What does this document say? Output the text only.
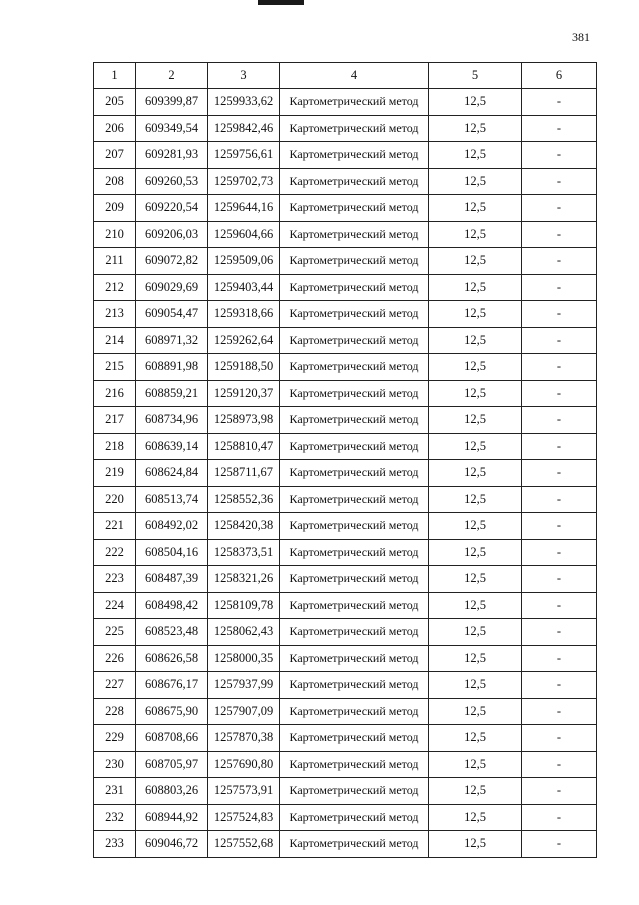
381
1	2	3	4	5	6
205	609399,87	1259933,62	Картометрический метод	12,5	-
206	609349,54	1259842,46	Картометрический метод	12,5	-
207	609281,93	1259756,61	Картометрический метод	12,5	-
208	609260,53	1259702,73	Картометрический метод	12,5	-
209	609220,54	1259644,16	Картометрический метод	12,5	-
210	609206,03	1259604,66	Картометрический метод	12,5	-
211	609072,82	1259509,06	Картометрический метод	12,5	-
212	609029,69	1259403,44	Картометрический метод	12,5	-
213	609054,47	1259318,66	Картометрический метод	12,5	-
214	608971,32	1259262,64	Картометрический метод	12,5	-
215	608891,98	1259188,50	Картометрический метод	12,5	-
216	608859,21	1259120,37	Картометрический метод	12,5	-
217	608734,96	1258973,98	Картометрический метод	12,5	-
218	608639,14	1258810,47	Картометрический метод	12,5	-
219	608624,84	1258711,67	Картометрический метод	12,5	-
220	608513,74	1258552,36	Картометрический метод	12,5	-
221	608492,02	1258420,38	Картометрический метод	12,5	-
222	608504,16	1258373,51	Картометрический метод	12,5	-
223	608487,39	1258321,26	Картометрический метод	12,5	-
224	608498,42	1258109,78	Картометрический метод	12,5	-
225	608523,48	1258062,43	Картометрический метод	12,5	-
226	608626,58	1258000,35	Картометрический метод	12,5	-
227	608676,17	1257937,99	Картометрический метод	12,5	-
228	608675,90	1257907,09	Картометрический метод	12,5	-
229	608708,66	1257870,38	Картометрический метод	12,5	-
230	608705,97	1257690,80	Картометрический метод	12,5	-
231	608803,26	1257573,91	Картометрический метод	12,5	-
232	608944,92	1257524,83	Картометрический метод	12,5	-
233	609046,72	1257552,68	Картометрический метод	12,5	-
